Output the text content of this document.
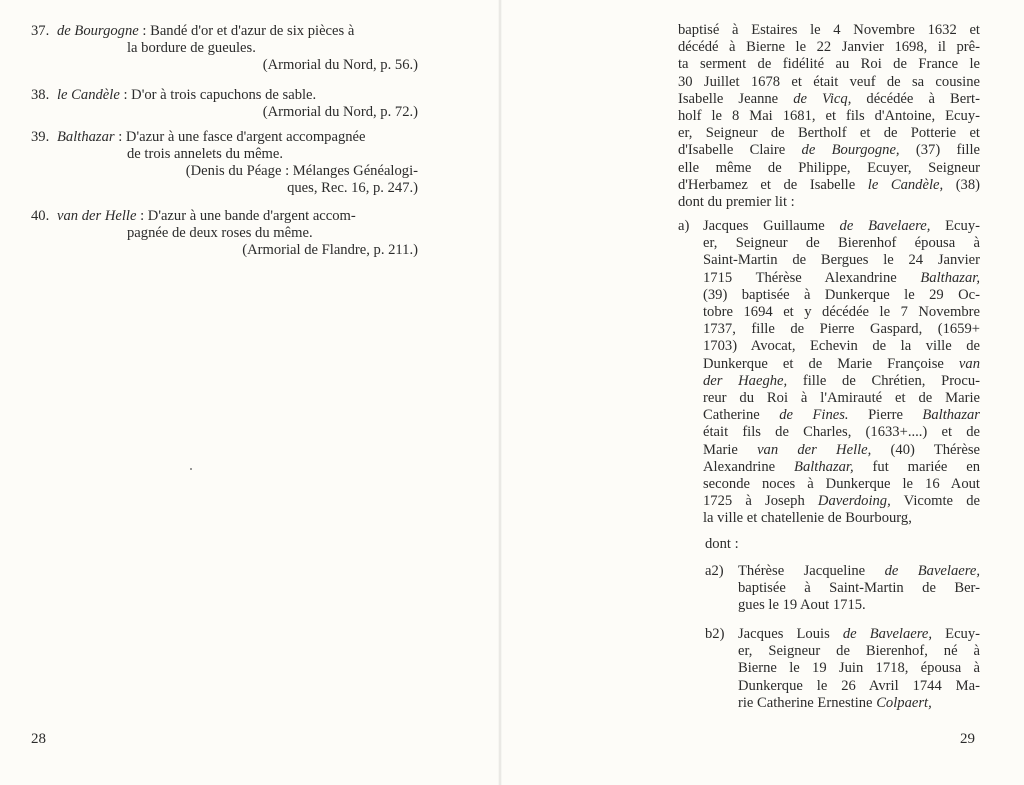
37. de Bourgogne : Bandé d'or et d'azur de six pièces à
la bordure de gueules.
(Armorial du Nord, p. 56.)
38. le Candèle : D'or à trois capuchons de sable.
(Armorial du Nord, p. 72.)
39. Balthazar : D'azur à une fasce d'argent accompagnée
de trois annelets du même.
(Denis du Péage : Mélanges Généalogi-
ques, Rec. 16, p. 247.)
40. van der Helle : D'azur à une bande d'argent accom-
pagnée de deux roses du même.
(Armorial de Flandre, p. 211.)
28
baptisé à Estaires le 4 Novembre 1632 et
décédé à Bierne le 22 Janvier 1698, il prê-
ta serment de fidélité au Roi de France le
30 Juillet 1678 et était veuf de sa cousine
Isabelle Jeanne de Vicq, décédée à Bert-
holf le 8 Mai 1681, et fils d'Antoine, Ecuy-
er, Seigneur de Bertholf et de Potterie et
d'Isabelle Claire de Bourgogne, (37) fille
elle même de Philippe, Ecuyer, Seigneur
d'Herbamez et de Isabelle le Candèle, (38)
dont du premier lit :
a) Jacques Guillaume de Bavelaere, Ecuy-
er, Seigneur de Bierenhof épousa à
Saint-Martin de Bergues le 24 Janvier
1715 Thérèse Alexandrine Balthazar,
(39) baptisée à Dunkerque le 29 Oc-
tobre 1694 et y décédée le 7 Novembre
1737, fille de Pierre Gaspard, (1659+
1703) Avocat, Echevin de la ville de
Dunkerque et de Marie Françoise van
der Haeghe, fille de Chrétien, Procu-
reur du Roi à l'Amirauté et de Marie
Catherine de Fines. Pierre Balthazar
était fils de Charles, (1633+....) et de
Marie van der Helle, (40) Thérèse
Alexandrine Balthazar, fut mariée en
seconde noces à Dunkerque le 16 Aout
1725 à Joseph Daverdoing, Vicomte de
la ville et chatellenie de Bourbourg,
dont :
a2) Thérèse Jacqueline de Bavelaere,
baptisée à Saint-Martin de Ber-
gues le 19 Aout 1715.
b2) Jacques Louis de Bavelaere, Ecuy-
er, Seigneur de Bierenhof, né à
Bierne le 19 Juin 1718, épousa à
Dunkerque le 26 Avril 1744 Ma-
rie Catherine Ernestine Colpaert,
29
